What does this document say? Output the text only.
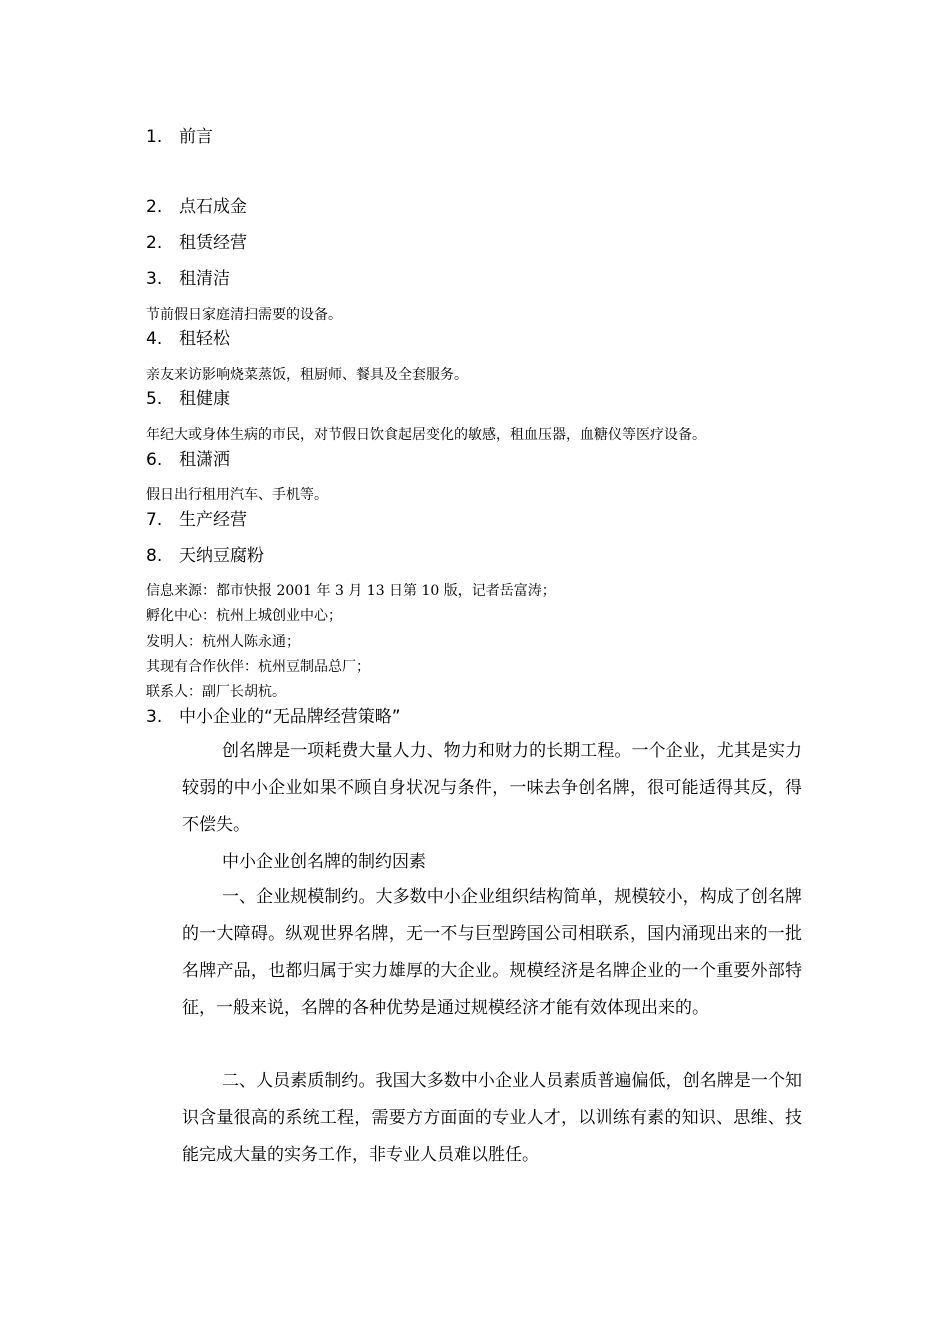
1. 前言
2. 点石成金
2. 租赁经营
3. 租清洁
节前假日家庭清扫需要的设备。
4. 租轻松
亲友来访影响烧菜蒸饭，租厨师、餐具及全套服务。
5. 租健康
年纪大或身体生病的市民，对节假日饮食起居变化的敏感，租血压器，血糖仪等医疗设备。
6. 租潇洒
假日出行租用汽车、手机等。
7. 生产经营
8. 天纳豆腐粉
信息来源：都市快报 2001 年 3 月 13 日第 10 版，记者岳富涛；
孵化中心：杭州上城创业中心；
发明人：杭州人陈永通；
其现有合作伙伴：杭州豆制品总厂；
联系人：副厂长胡杭。
3. 中小企业的“无品牌经营策略”
创名牌是一项耗费大量人力、物力和财力的长期工程。一个企业，尤其是实力较弱的中小企业如果不顾自身状况与条件，一味去争创名牌，很可能适得其反，得不偿失。
中小企业创名牌的制约因素
一、企业规模制约。大多数中小企业组织结构简单，规模较小，构成了创名牌的一大障碍。纵观世界名牌，无一不与巨型跨国公司相联系，国内涌现出来的一批名牌产品，也都归属于实力雄厚的大企业。规模经济是名牌企业的一个重要外部特征，一般来说，名牌的各种优势是通过规模经济才能有效体现出来的。
二、人员素质制约。我国大多数中小企业人员素质普遍偏低，创名牌是一个知识含量很高的系统工程，需要方方面面的专业人才，以训练有素的知识、思维、技能完成大量的实务工作，非专业人员难以胜任。
